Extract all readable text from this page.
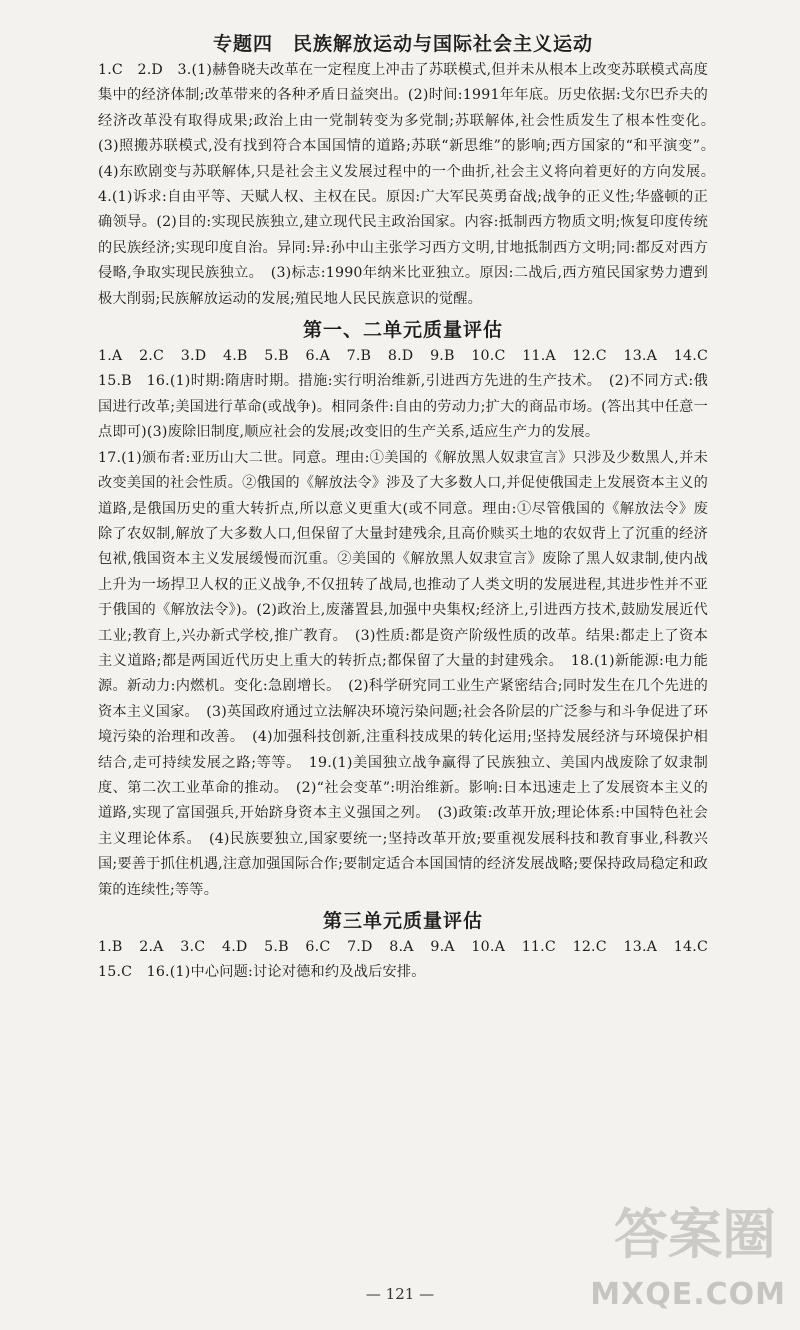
专题四　民族解放运动与国际社会主义运动

1.C　2.D　3.(1)赫鲁晓夫改革在一定程度上冲击了苏联模式,但并未从根本上改变苏联模式高度集中的经济体制;改革带来的各种矛盾日益突出。(2)时间:1991年年底。历史依据:戈尔巴乔夫的经济改革没有取得成果;政治上由一党制转变为多党制;苏联解体,社会性质发生了根本性变化。　(3)照搬苏联模式,没有找到符合本国国情的道路;苏联“新思维”的影响;西方国家的“和平演变”。　(4)东欧剧变与苏联解体,只是社会主义发展过程中的一个曲折,社会主义将向着更好的方向发展。　4.(1)诉求:自由平等、天赋人权、主权在民。原因:广大军民英勇奋战;战争的正义性;华盛顿的正确领导。(2)目的:实现民族独立,建立现代民主政治国家。内容:抵制西方物质文明;恢复印度传统的民族经济;实现印度自治。异同:异:孙中山主张学习西方文明,甘地抵制西方文明;同:都反对西方侵略,争取实现民族独立。　(3)标志:1990年纳米比亚独立。原因:二战后,西方殖民国家势力遭到极大削弱;民族解放运动的发展;殖民地人民民族意识的觉醒。

第一、二单元质量评估

1.A　2.C　3.D　4.B　5.B　6.A　7.B　8.D　9.B　10.C　11.A　12.C　13.A　14.C　15.B　16.(1)时期:隋唐时期。措施:实行明治维新,引进西方先进的生产技术。　(2)不同方式:俄国进行改革;美国进行革命(或战争)。相同条件:自由的劳动力;扩大的商品市场。(答出其中任意一点即可)(3)废除旧制度,顺应社会的发展;改变旧的生产关系,适应生产力的发展。

17.(1)颁布者:亚历山大二世。同意。理由:①美国的《解放黑人奴隶宣言》只涉及少数黑人,并未改变美国的社会性质。②俄国的《解放法令》涉及了大多数人口,并促使俄国走上发展资本主义的道路,是俄国历史的重大转折点,所以意义更重大(或不同意。理由:①尽管俄国的《解放法令》废除了农奴制,解放了大多数人口,但保留了大量封建残余,且高价赎买土地的农奴背上了沉重的经济包袱,俄国资本主义发展缓慢而沉重。②美国的《解放黑人奴隶宣言》废除了黑人奴隶制,使内战上升为一场捍卫人权的正义战争,不仅扭转了战局,也推动了人类文明的发展进程,其进步性并不亚于俄国的《解放法令》)。(2)政治上,废藩置县,加强中央集权;经济上,引进西方技术,鼓励发展近代工业;教育上,兴办新式学校,推广教育。　(3)性质:都是资产阶级性质的改革。结果:都走上了资本主义道路;都是两国近代历史上重大的转折点;都保留了大量的封建残余。　18.(1)新能源:电力能源。新动力:内燃机。变化:急剧增长。　(2)科学研究同工业生产紧密结合;同时发生在几个先进的资本主义国家。　(3)英国政府通过立法解决环境污染问题;社会各阶层的广泛参与和斗争促进了环境污染的治理和改善。　(4)加强科技创新,注重科技成果的转化运用;坚持发展经济与环境保护相结合,走可持续发展之路;等等。　19.(1)美国独立战争赢得了民族独立、美国内战废除了奴隶制度、第二次工业革命的推动。　(2)“社会变革”:明治维新。影响:日本迅速走上了发展资本主义的道路,实现了富国强兵,开始跻身资本主义强国之列。　(3)政策:改革开放;理论体系:中国特色社会主义理论体系。　(4)民族要独立,国家要统一;坚持改革开放;要重视发展科技和教育事业,科教兴国;要善于抓住机遇,注意加强国际合作;要制定适合本国国情的经济发展战略;要保持政局稳定和政策的连续性;等等。

第三单元质量评估

1.B　2.A　3.C　4.D　5.B　6.C　7.D　8.A　9.A　10.A　11.C　12.C　13.A　14.C　15.C　16.(1)中心问题:讨论对德和约及战后安排。

— 121 —
答案圈
MXQE.COM
